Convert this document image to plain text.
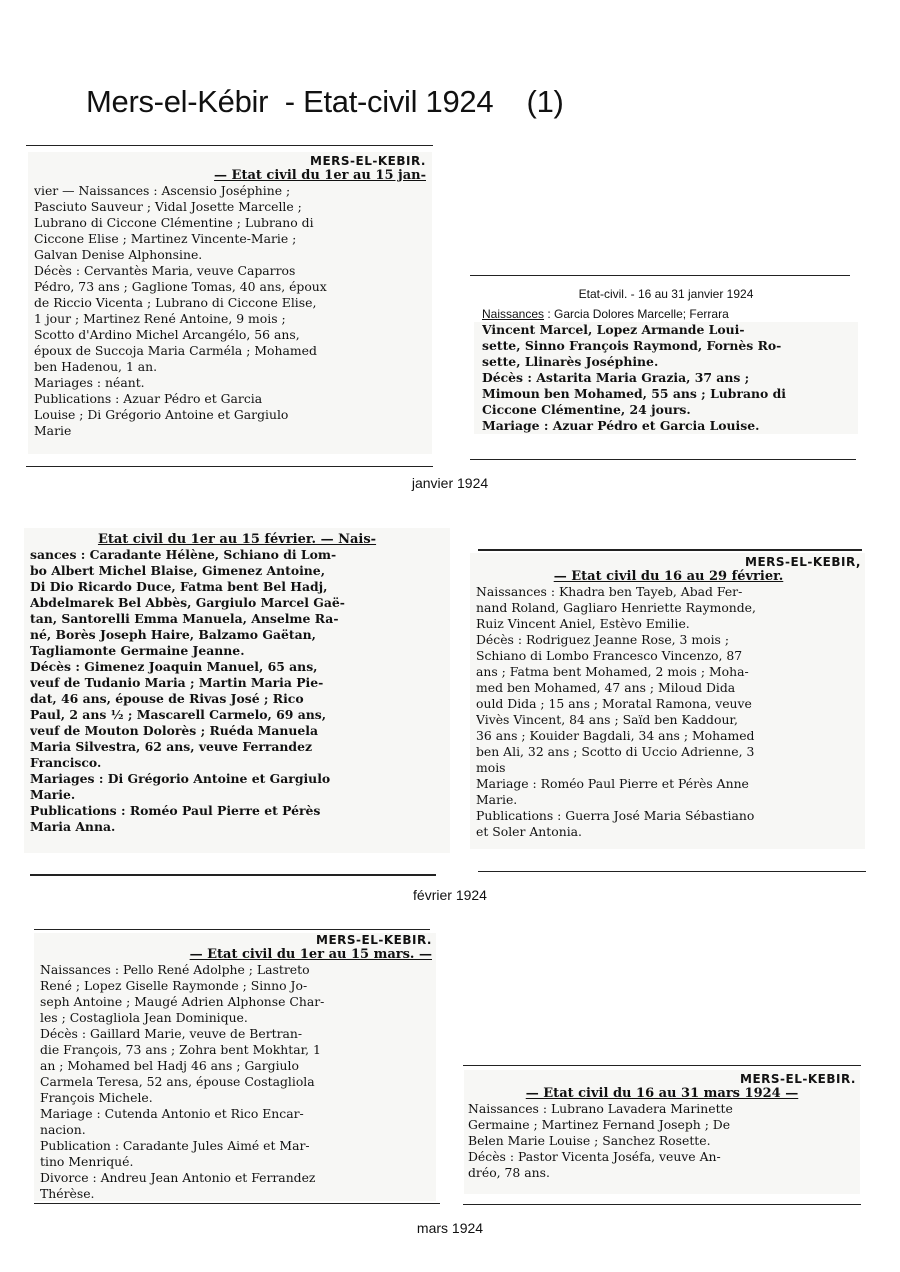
Mers-el-Kébir  - Etat-civil 1924    (1)

MERS-EL-KEBIR.

— Etat civil du 1er au 15 jan-

vier — Naissances : Ascensio Joséphine ;

Pasciuto Sauveur ; Vidal Josette Marcelle ;

Lubrano di Ciccone Clémentine ; Lubrano di

Ciccone Elise ; Martinez Vincente-Marie ;

Galvan Denise Alphonsine.

Décès : Cervantès Maria, veuve Caparros

Pédro, 73 ans ; Gaglione Tomas, 40 ans, époux

de Riccio Vicenta ; Lubrano di Ciccone Elise,

1 jour ; Martinez René Antoine, 9 mois ;

Scotto d'Ardino Michel Arcangélo, 56 ans,

époux de Succoja Maria Carméla ; Mohamed

ben Hadenou, 1 an.

Mariages : néant.

Publications : Azuar Pédro et Garcia

Louise ; Di Grégorio Antoine et Gargiulo

Marie

Etat-civil. - 16 au 31 janvier 1924

Naissances : Garcia Dolores Marcelle; Ferrara

Vincent Marcel, Lopez Armande Loui-

sette, Sinno François Raymond, Fornès Ro-

sette, Llinarès Joséphine.

Décès : Astarita Maria Grazia, 37 ans ;

Mimoun ben Mohamed, 55 ans ; Lubrano di

Ciccone Clémentine, 24 jours.

Mariage : Azuar Pédro et Garcia Louise.

janvier 1924

Etat civil du 1er au 15 février. — Nais-

sances : Caradante Hélène, Schiano di Lom-

bo Albert Michel Blaise, Gimenez Antoine,

Di Dio Ricardo Duce, Fatma bent Bel Hadj,

Abdelmarek Bel Abbès, Gargiulo Marcel Gaë-

tan, Santorelli Emma Manuela, Anselme Ra-

né, Borès Joseph Haire, Balzamo Gaëtan,

Tagliamonte Germaine Jeanne.

Décès : Gimenez Joaquin Manuel, 65 ans,

veuf de Tudanio Maria ; Martin Maria Pie-

dat, 46 ans, épouse de Rivas José ; Rico

Paul, 2 ans ½ ; Mascarell Carmelo, 69 ans,

veuf de Mouton Dolorès ; Ruéda Manuela

Maria Silvestra, 62 ans, veuve Ferrandez

Francisco.

Mariages : Di Grégorio Antoine et Gargiulo

Marie.

Publications : Roméo Paul Pierre et Pérès

Maria Anna.

MERS-EL-KEBIR,

— Etat civil du 16 au 29 février.

Naissances : Khadra ben Tayeb, Abad Fer-

nand Roland, Gagliaro Henriette Raymonde,

Ruiz Vincent Aniel, Estèvo Emilie.

Décès : Rodriguez Jeanne Rose, 3 mois ;

Schiano di Lombo Francesco Vincenzo, 87

ans ; Fatma bent Mohamed, 2 mois ; Moha-

med ben Mohamed, 47 ans ; Miloud Dida

ould Dida ; 15 ans ; Moratal Ramona, veuve

Vivès Vincent, 84 ans ; Saïd ben Kaddour,

36 ans ; Kouider Bagdali, 34 ans ; Mohamed

ben Ali, 32 ans ; Scotto di Uccio Adrienne, 3

mois

Mariage : Roméo Paul Pierre et Pérès Anne

Marie.

Publications : Guerra José Maria Sébastiano

et Soler Antonia.

février 1924

MERS-EL-KEBIR.

— Etat civil du 1er au 15 mars. —

Naissances : Pello René Adolphe ; Lastreto

René ; Lopez Giselle Raymonde ; Sinno Jo-

seph Antoine ; Maugé Adrien Alphonse Char-

les ; Costagliola Jean Dominique.

Décès : Gaillard Marie, veuve de Bertran-

die François, 73 ans ; Zohra bent Mokhtar, 1

an ; Mohamed bel Hadj 46 ans ; Gargiulo

Carmela Teresa, 52 ans, épouse Costagliola

François Michele.

Mariage : Cutenda Antonio et Rico Encar-

nacion.

Publication : Caradante Jules Aimé et Mar-

tino Menriqué.

Divorce : Andreu Jean Antonio et Ferrandez

Thérèse.

MERS-EL-KEBIR.

— Etat civil du 16 au 31 mars 1924 —

Naissances : Lubrano Lavadera Marinette

Germaine ; Martinez Fernand Joseph ; De

Belen Marie Louise ; Sanchez Rosette.

Décès : Pastor Vicenta Joséfa, veuve An-

dréo, 78 ans.

mars 1924
